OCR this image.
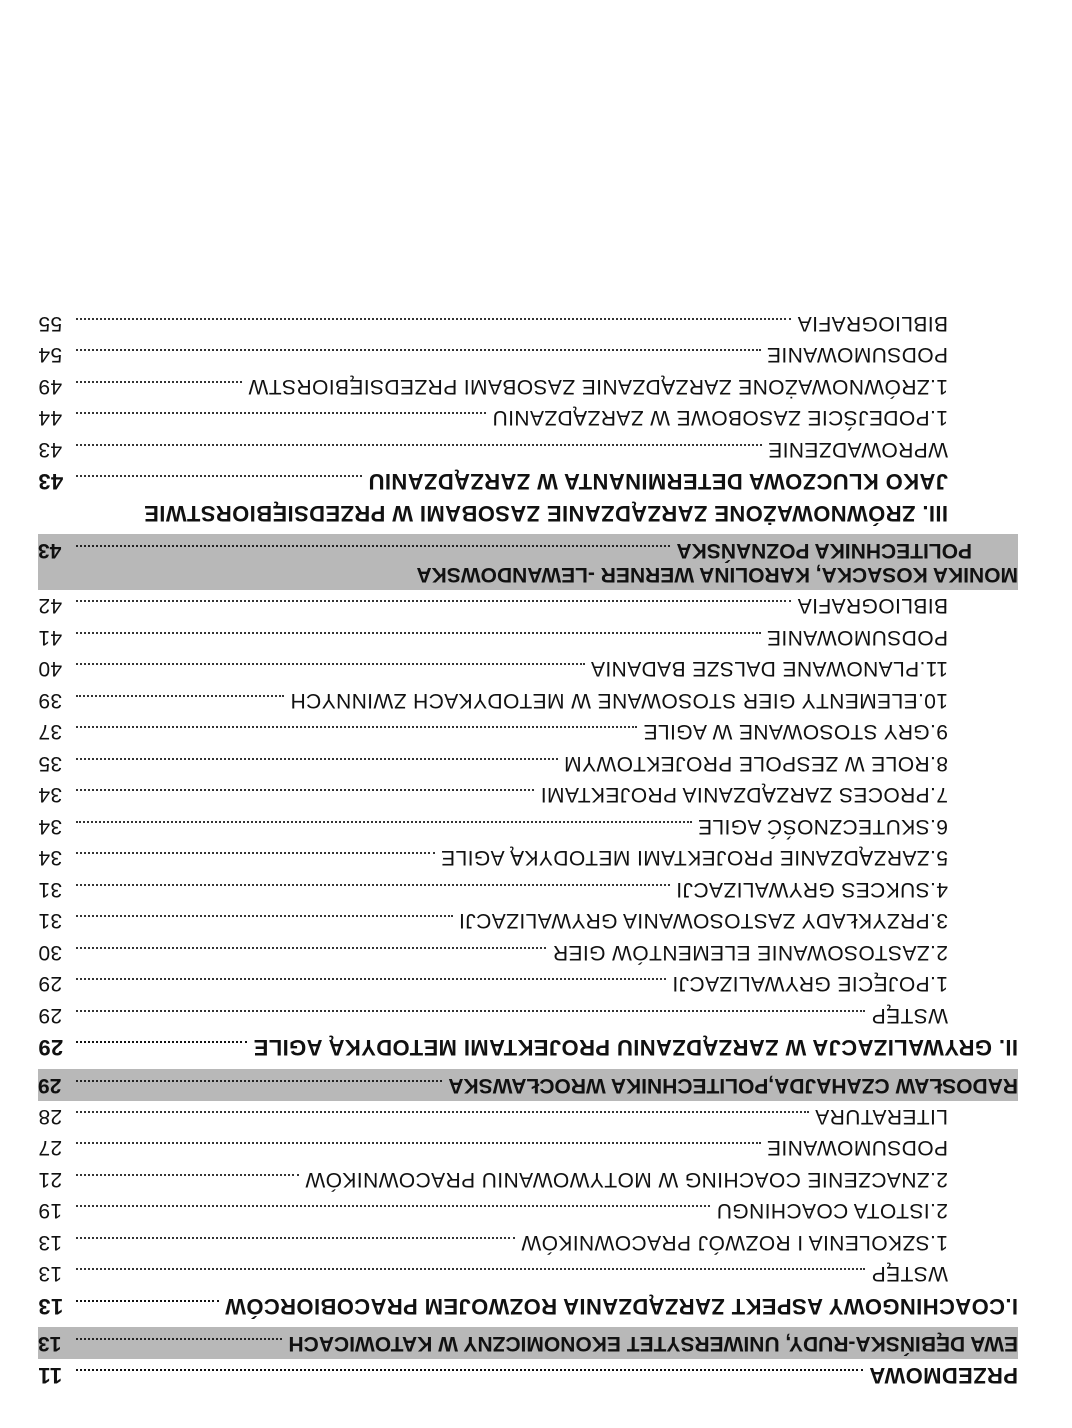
PRZEDMOWA
11
EWA DĘBIŃSKA-RUDY, UNIWERSYTET EKONOMICZNY W KATOWICACH
13
I.COACHINGOWY ASPEKT ZARZĄDZANIA ROZWOJEM PRACOBIORCÓW
13
WSTĘP
13
1.SZKOLENIA I ROZWÓJ PRACOWNIKÓW
13
2.ISTOTA COACHINGU
19
2.ZNACZENIE COACHING W MOTYWOWANIU PRACOWNIKÓW
21
PODSUMOWANIE
27
LITERATURA
28
RADOSŁAW CZAHAJDA,POLITECHNIKA WROCŁAWSKA
29
II. GRYWALIZACJA W ZARZĄDZANIU PROJEKTAMI METODYKĄ AGILE
29
WSTĘP
29
1.POJĘCIE GRYWALIZACJI
29
2.ZASTOSOWANIE ELEMENTÓW GIER
30
3.PRZYKŁADY ZASTOSOWANIA GRYWALIZACJI
31
4.SUKCES GRYWALIZACJI
31
5.ZARZĄDZANIE PROJEKTAMI METODYKĄ AGILE
34
6.SKUTECZNOŚĆ AGILE
34
7.PROCES ZARZĄDZANIA PROJEKTAMI
34
8.ROLE W ZESPOLE PROJEKTOWYM
35
9.GRY STOSOWANE W AGILE
37
10.ELEMENTY GIER STOSOWANE W METODYKACH ZWINNYCH
39
11.PLANOWANE DALSZE BADANIA
40
PODSUMOWANIE
41
BIBLIOGRAFIA
42
MONIKA KOSACKA, KAROLINA WERNER -LEWANDOWSKA
POLITECHNIKA POZNAŃSKA
43
III. ZRÓWNOWAŻONE ZARZĄDZANIE ZASOBAMI W PRZEDSIĘBIORSTWIE
JAKO KLUCZOWA DETERMINANTA W ZARZĄDZANIU
43
WPROWADZENIE
43
1.PODEJŚCIE ZASOBOWE W ZARZĄDZANIU
44
1.ZRÓWNOWAŻONE ZARZĄDZANIE ZASOBAMI PRZEDSIĘBIORSTW
49
PODSUMOWANIE
54
BIBLIOGRAFIA
55
